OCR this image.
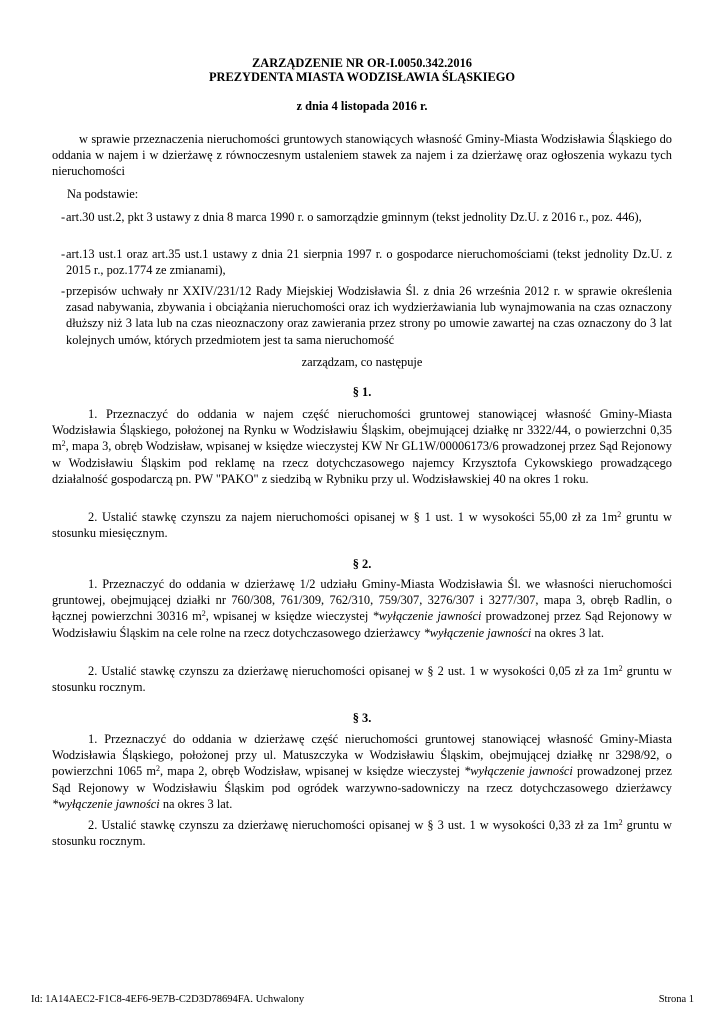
ZARZĄDZENIE NR OR-I.0050.342.2016
PREZYDENTA MIASTA WODZISŁAWIA ŚLĄSKIEGO
z dnia 4 listopada 2016 r.
w sprawie przeznaczenia nieruchomości gruntowych stanowiących własność Gminy-Miasta Wodzisławia Śląskiego do oddania w najem i w dzierżawę z równoczesnym ustaleniem stawek za najem i za dzierżawę oraz ogłoszenia wykazu tych nieruchomości
Na podstawie:
- art.30 ust.2, pkt 3 ustawy z dnia 8 marca 1990 r. o samorządzie gminnym (tekst jednolity Dz.U. z 2016 r., poz. 446),
- art.13 ust.1 oraz art.35 ust.1 ustawy z dnia 21 sierpnia 1997 r. o gospodarce nieruchomościami (tekst jednolity Dz.U. z 2015 r., poz.1774 ze zmianami),
- przepisów uchwały nr XXIV/231/12 Rady Miejskiej Wodzisławia Śl. z dnia 26 września 2012 r. w sprawie określenia zasad nabywania, zbywania i obciążania nieruchomości oraz ich wydzierżawiania lub wynajmowania na czas oznaczony dłuższy niż 3 lata lub na czas nieoznaczony oraz zawierania przez strony po umowie zawartej na czas oznaczony do 3 lat kolejnych umów, których przedmiotem jest ta sama nieruchomość
zarządzam, co następuje
§ 1.
1. Przeznaczyć do oddania w najem część nieruchomości gruntowej stanowiącej własność Gminy-Miasta Wodzisławia Śląskiego, położonej na Rynku w Wodzisławiu Śląskim, obejmującej działkę nr 3322/44, o powierzchni 0,35 $m^2$, mapa 3, obręb Wodzisław, wpisanej w księdze wieczystej KW Nr GL1W/00006173/6 prowadzonej przez Sąd Rejonowy w Wodzisławiu Śląskim pod reklamę na rzecz dotychczasowego najemcy Krzysztofa Cykowskiego prowadzącego działalność gospodarczą pn. PW "PAKO" z siedzibą w Rybniku przy ul. Wodzisławskiej 40 na okres 1 roku.
2. Ustalić stawkę czynszu za najem nieruchomości opisanej w § 1 ust. 1 w wysokości 55,00 zł za $1m^2$ gruntu w stosunku miesięcznym.
§ 2.
1. Przeznaczyć do oddania w dzierżawę 1/2 udziału Gminy-Miasta Wodzisławia Śl. we własności nieruchomości gruntowej, obejmującej działki nr 760/308, 761/309, 762/310, 759/307, 3276/307 i 3277/307, mapa 3, obręb Radlin, o łącznej powierzchni 30316 $m^2$, wpisanej w księdze wieczystej *wyłączenie jawności prowadzonej przez Sąd Rejonowy w Wodzisławiu Śląskim na cele rolne na rzecz dotychczasowego dzierżawcy *wyłączenie jawności na okres 3 lat.
2. Ustalić stawkę czynszu za dzierżawę nieruchomości opisanej w § 2 ust. 1 w wysokości 0,05 zł za $1m^2$ gruntu w stosunku rocznym.
§ 3.
1. Przeznaczyć do oddania w dzierżawę część nieruchomości gruntowej stanowiącej własność Gminy-Miasta Wodzisławia Śląskiego, położonej przy ul. Matuszczyka w Wodzisławiu Śląskim, obejmującej działkę nr 3298/92, o powierzchni 1065 $m^2$, mapa 2, obręb Wodzisław, wpisanej w księdze wieczystej *wyłączenie jawności prowadzonej przez Sąd Rejonowy w Wodzisławiu Śląskim pod ogródek warzywno-sadowniczy na rzecz dotychczasowego dzierżawcy *wyłączenie jawności na okres 3 lat.
2. Ustalić stawkę czynszu za dzierżawę nieruchomości opisanej w § 3 ust. 1 w wysokości 0,33 zł za $1m^2$ gruntu w stosunku rocznym.
Id: 1A14AEC2-F1C8-4EF6-9E7B-C2D3D78694FA. Uchwalony	Strona 1
